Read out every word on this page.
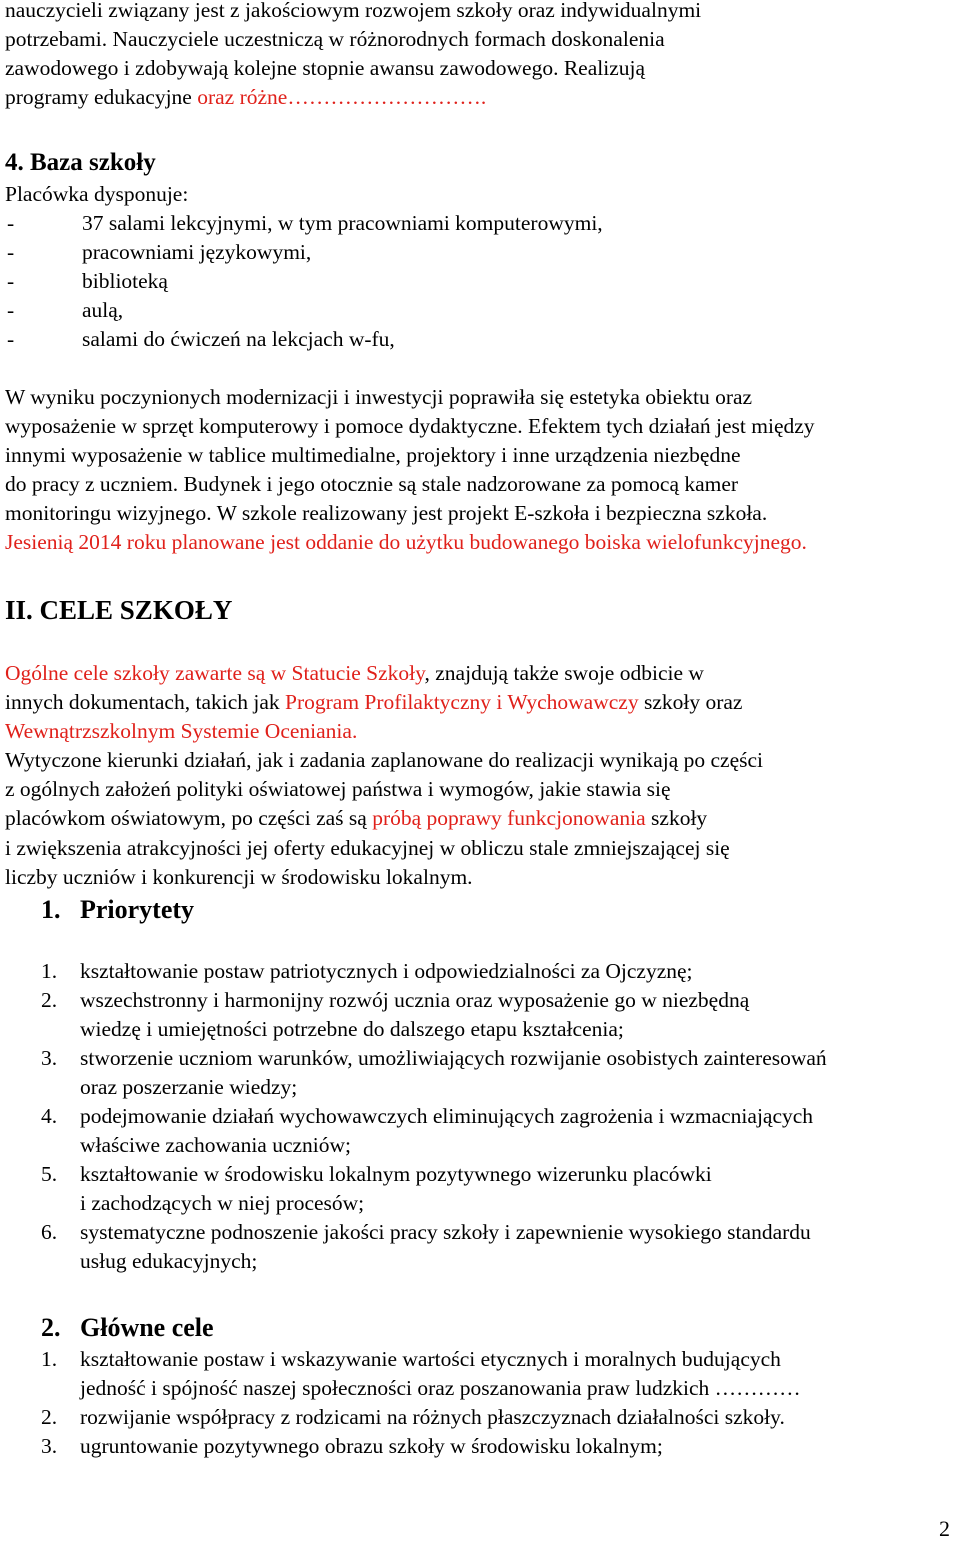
nauczycieli związany jest z jakościowym rozwojem szkoły oraz indywidualnymi
potrzebami. Nauczyciele uczestniczą w różnorodnych formach doskonalenia
zawodowego i zdobywają kolejne stopnie awansu zawodowego. Realizują
programy edukacyjne oraz różne……………………….
4. Baza szkoły
Placówka dysponuje:
-	37 salami lekcyjnymi, w tym pracowniami komputerowymi,
-	pracowniami językowymi,
-	biblioteką
-	aulą,
-	salami do ćwiczeń na lekcjach w-fu,
W wyniku poczynionych modernizacji i inwestycji poprawiła się estetyka obiektu oraz
wyposażenie w sprzęt komputerowy i pomoce dydaktyczne. Efektem tych działań jest między
innymi wyposażenie w tablice multimedialne, projektory i inne urządzenia niezbędne
do pracy z uczniem. Budynek i jego otocznie są stale nadzorowane za pomocą kamer
monitoringu wizyjnego. W szkole realizowany jest projekt E-szkoła i bezpieczna szkoła.
Jesienią 2014 roku planowane jest oddanie do użytku budowanego boiska wielofunkcyjnego.
II. CELE SZKOŁY
Ogólne cele szkoły zawarte są w Statucie Szkoły, znajdują także swoje odbicie w
innych dokumentach, takich jak Program Profilaktyczny i Wychowawczy szkoły oraz
Wewnątrzszkolnym Systemie Oceniania.
Wytyczone kierunki działań, jak i zadania zaplanowane do realizacji wynikają po części
z ogólnych założeń polityki oświatowej państwa i wymogów, jakie stawia się
placówkom oświatowym, po części zaś są próbą poprawy funkcjonowania szkoły
i zwiększenia atrakcyjności jej oferty edukacyjnej w obliczu stale zmniejszającej się
liczby uczniów i konkurencji w środowisku lokalnym.
1. Priorytety
1. kształtowanie postaw patriotycznych i odpowiedzialności za Ojczyznę;
2. wszechstronny i harmonijny rozwój ucznia oraz wyposażenie go w niezbędną
wiedzę i umiejętności potrzebne do dalszego etapu kształcenia;
3. stworzenie uczniom warunków, umożliwiających rozwijanie osobistych zainteresowań
oraz poszerzanie wiedzy;
4. podejmowanie działań wychowawczych eliminujących zagrożenia i wzmacniających
właściwe zachowania uczniów;
5. kształtowanie w środowisku lokalnym pozytywnego wizerunku placówki
i zachodzących w niej procesów;
6. systematyczne podnoszenie jakości pracy szkoły i zapewnienie wysokiego standardu
usług edukacyjnych;
2. Główne cele
1. kształtowanie postaw i wskazywanie wartości etycznych i moralnych budujących
jedność i spójność naszej społeczności oraz poszanowania praw ludzkich …………
2. rozwijanie współpracy z rodzicami na różnych płaszczyznach działalności szkoły.
3. ugruntowanie pozytywnego obrazu szkoły w środowisku lokalnym;
2
